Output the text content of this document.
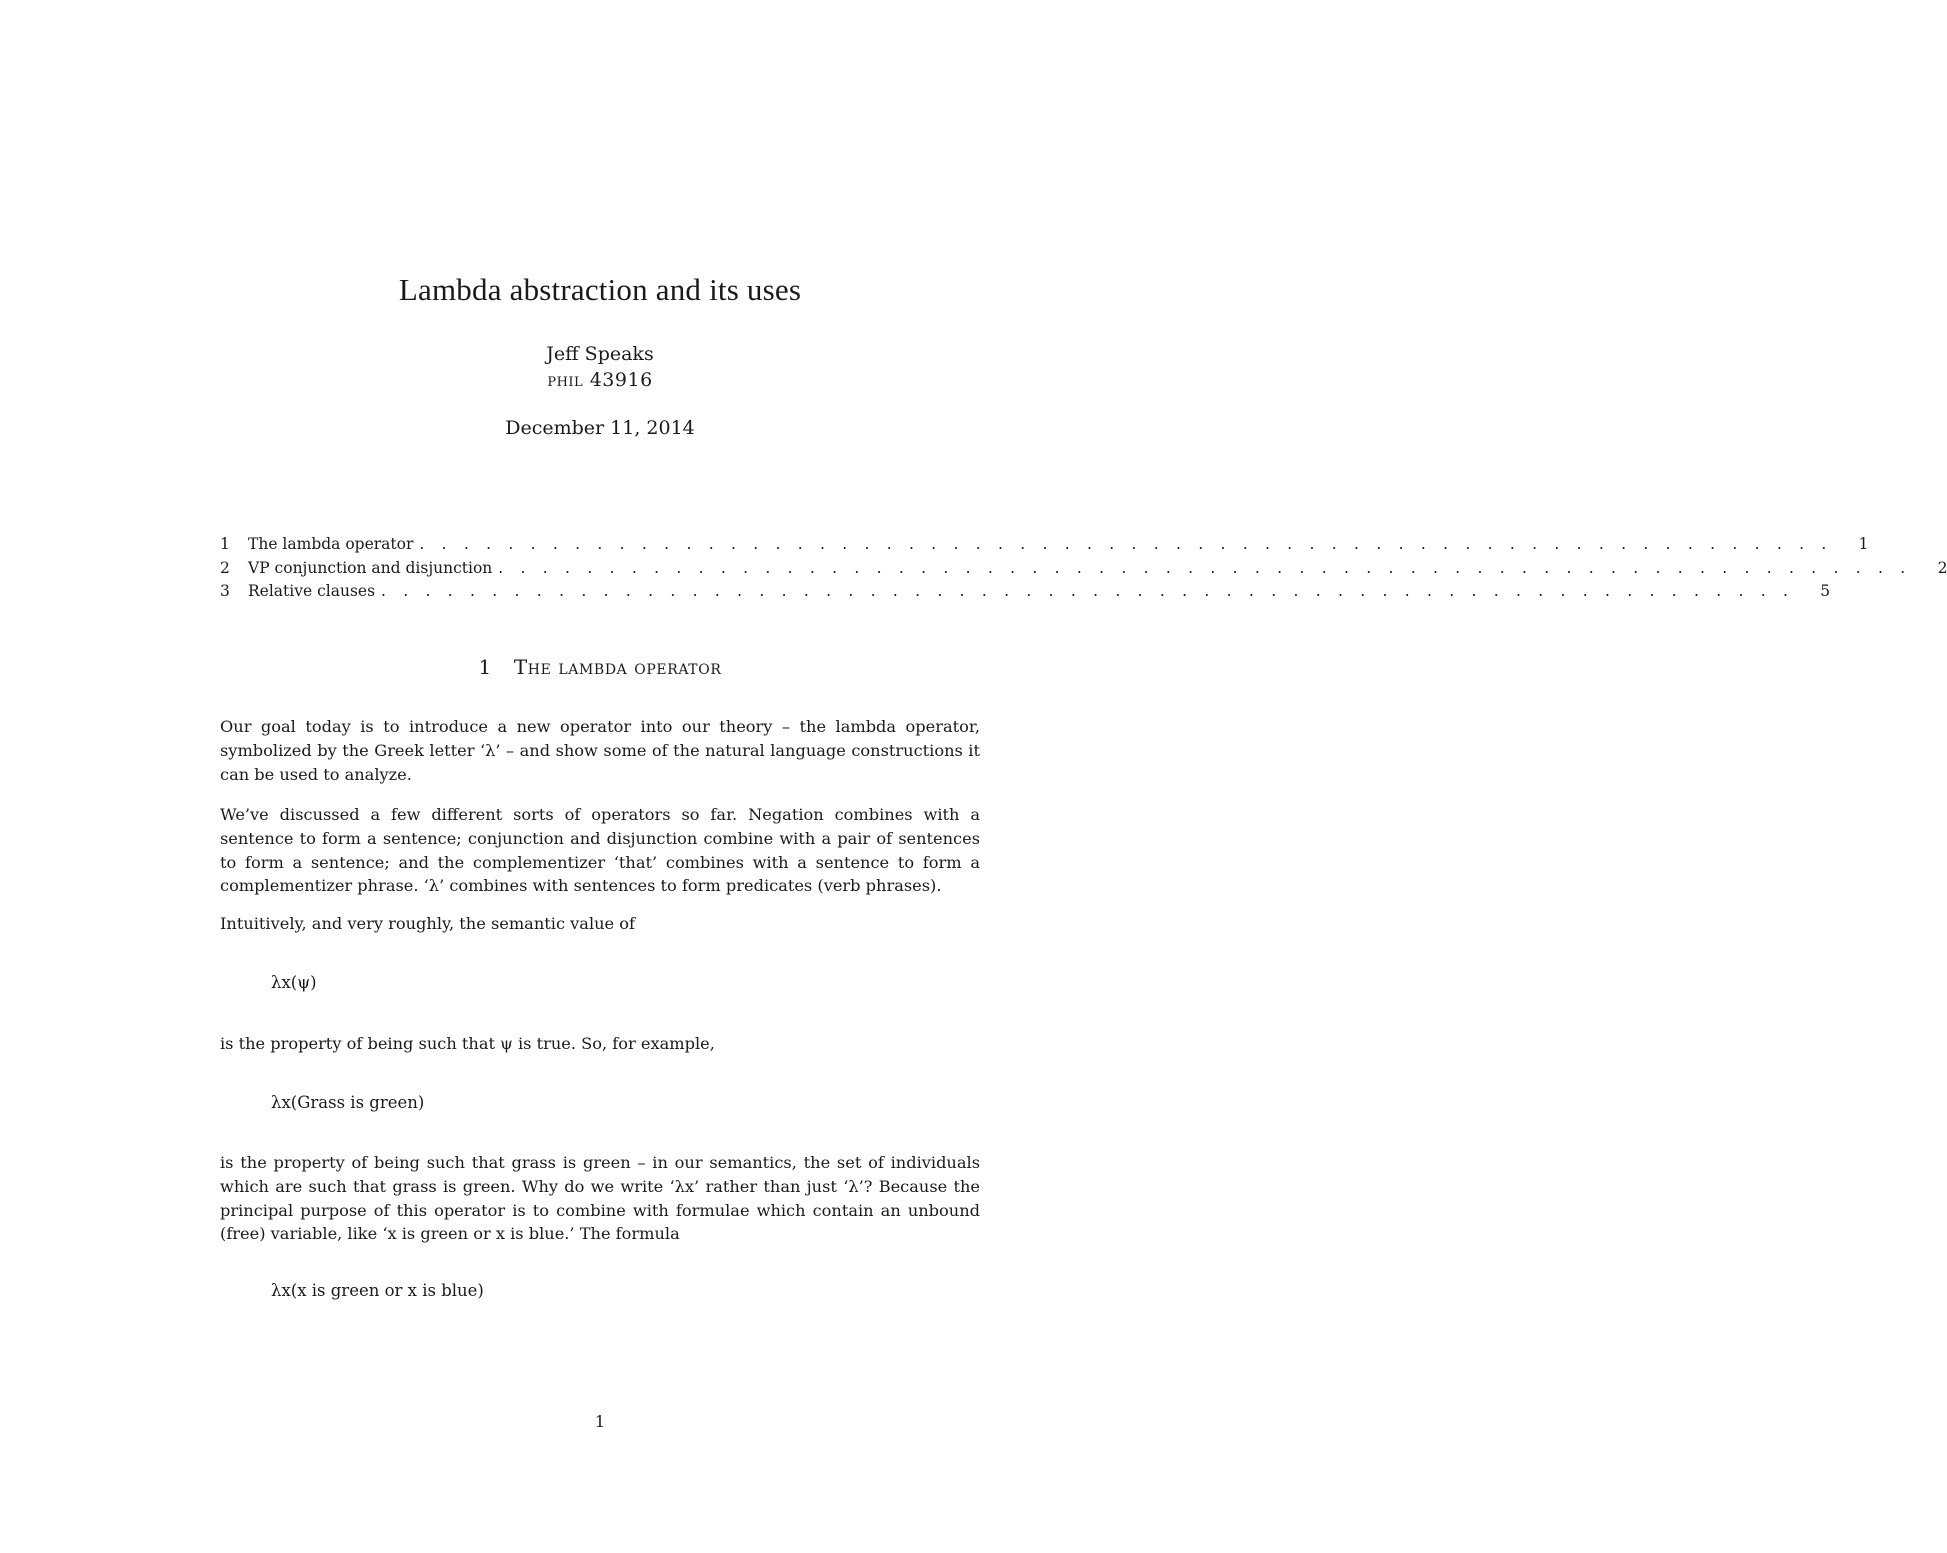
Lambda abstraction and its uses
Jeff Speaks
phil 43916
December 11, 2014
1	The lambda operator . . . . . . . . . . . . . . . . . . . . . . . . . . . . . . . . . . . . . . . . . . . . . . . . . . . . . . . . . . . . . . . .	1
2	VP conjunction and disjunction . . . . . . . . . . . . . . . . . . . . . . . . . . . . . . . . . . . . . . . . . . . . . . . . . . . . . . . . . . . . . . . .	2
3	Relative clauses . . . . . . . . . . . . . . . . . . . . . . . . . . . . . . . . . . . . . . . . . . . . . . . . . . . . . . . . . . . . . . . .	5
1 The lambda operator
Our goal today is to introduce a new operator into our theory – the lambda operator, symbolized by the Greek letter ‘λ’ – and show some of the natural language constructions it can be used to analyze.
We’ve discussed a few different sorts of operators so far. Negation combines with a sentence to form a sentence; conjunction and disjunction combine with a pair of sentences to form a sentence; and the complementizer ‘that’ combines with a sentence to form a complementizer phrase. ‘λ’ combines with sentences to form predicates (verb phrases).
Intuitively, and very roughly, the semantic value of
λx(ψ)
is the property of being such that ψ is true. So, for example,
λx(Grass is green)
is the property of being such that grass is green – in our semantics, the set of individuals which are such that grass is green. Why do we write ‘λx’ rather than just ‘λ’? Because the principal purpose of this operator is to combine with formulae which contain an unbound (free) variable, like ‘x is green or x is blue.’ The formula
λx(x is green or x is blue)
1
